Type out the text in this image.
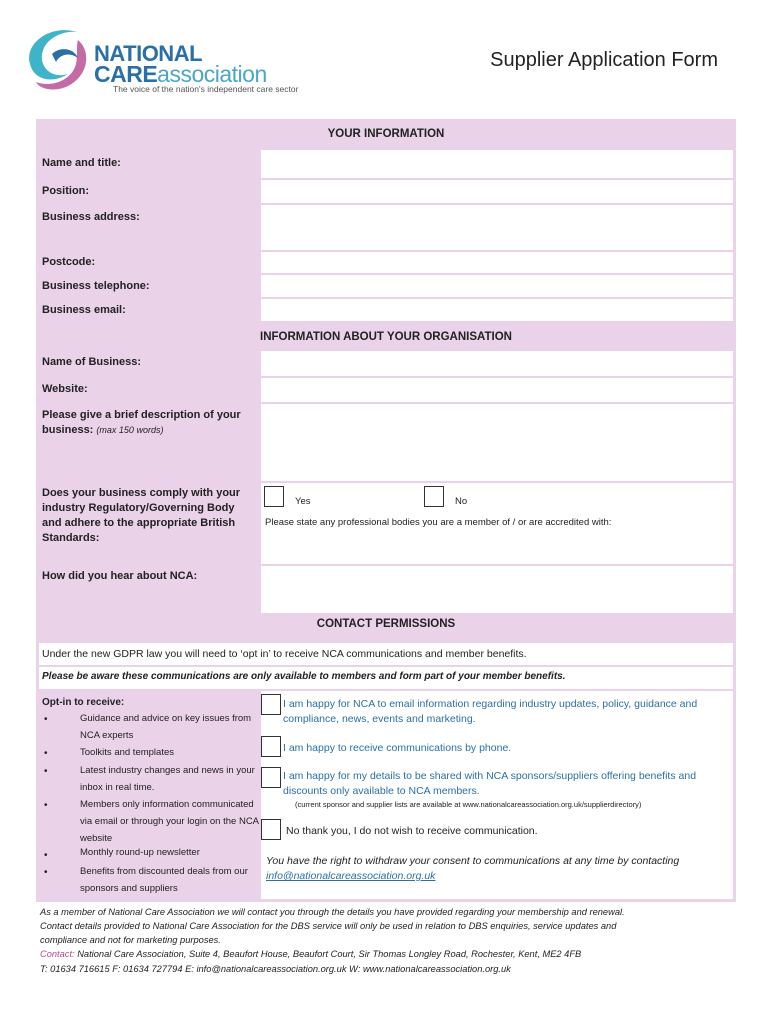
NATIONAL
CAREassociation
The voice of the nation's independent care sector
Supplier Application Form
YOUR INFORMATION
Name and title:
Position:
Business address:
Postcode:
Business telephone:
Business email:
INFORMATION ABOUT YOUR ORGANISATION
Name of Business:
Website:
Please give a brief description of your business: (max 150 words)
Does your business comply with your industry Regulatory/Governing Body and adhere to the appropriate British Standards:
Yes	No
Please state any professional bodies you are a member of / or are accredited with:
How did you hear about NCA:
CONTACT PERMISSIONS
Under the new GDPR law you will need to ‘opt in’ to receive NCA communications and member benefits.
Please be aware these communications are only available to members and form part of your member benefits.
Opt-in to receive:
•	Guidance and advice on key issues from NCA experts
•	Toolkits and templates
•	Latest industry changes and news in your inbox in real time.
•	Members only information communicated via email or through your login on the NCA website
•	Monthly round-up newsletter
•	Benefits from discounted deals from our sponsors and suppliers
I am happy for NCA to email information regarding industry updates, policy, guidance and compliance, news, events and marketing.
I am happy to receive communications by phone.
I am happy for my details to be shared with NCA sponsors/suppliers offering benefits and discounts only available to NCA members.
(current sponsor and supplier lists are available at www.nationalcareassociation.org.uk/supplierdirectory)
No thank you, I do not wish to receive communication.
You have the right to withdraw your consent to communications at any time by contacting info@nationalcareassociation.org.uk
As a member of National Care Association we will contact you through the details you have provided regarding your membership and renewal.
Contact details provided to National Care Association for the DBS service will only be used in relation to DBS enquiries, service updates and
compliance and not for marketing purposes.
Contact: National Care Association, Suite 4, Beaufort House, Beaufort Court, Sir Thomas Longley Road, Rochester, Kent, ME2 4FB
T: 01634 716615 F: 01634 727794 E: info@nationalcareassociation.org.uk W: www.nationalcareassociation.org.uk
